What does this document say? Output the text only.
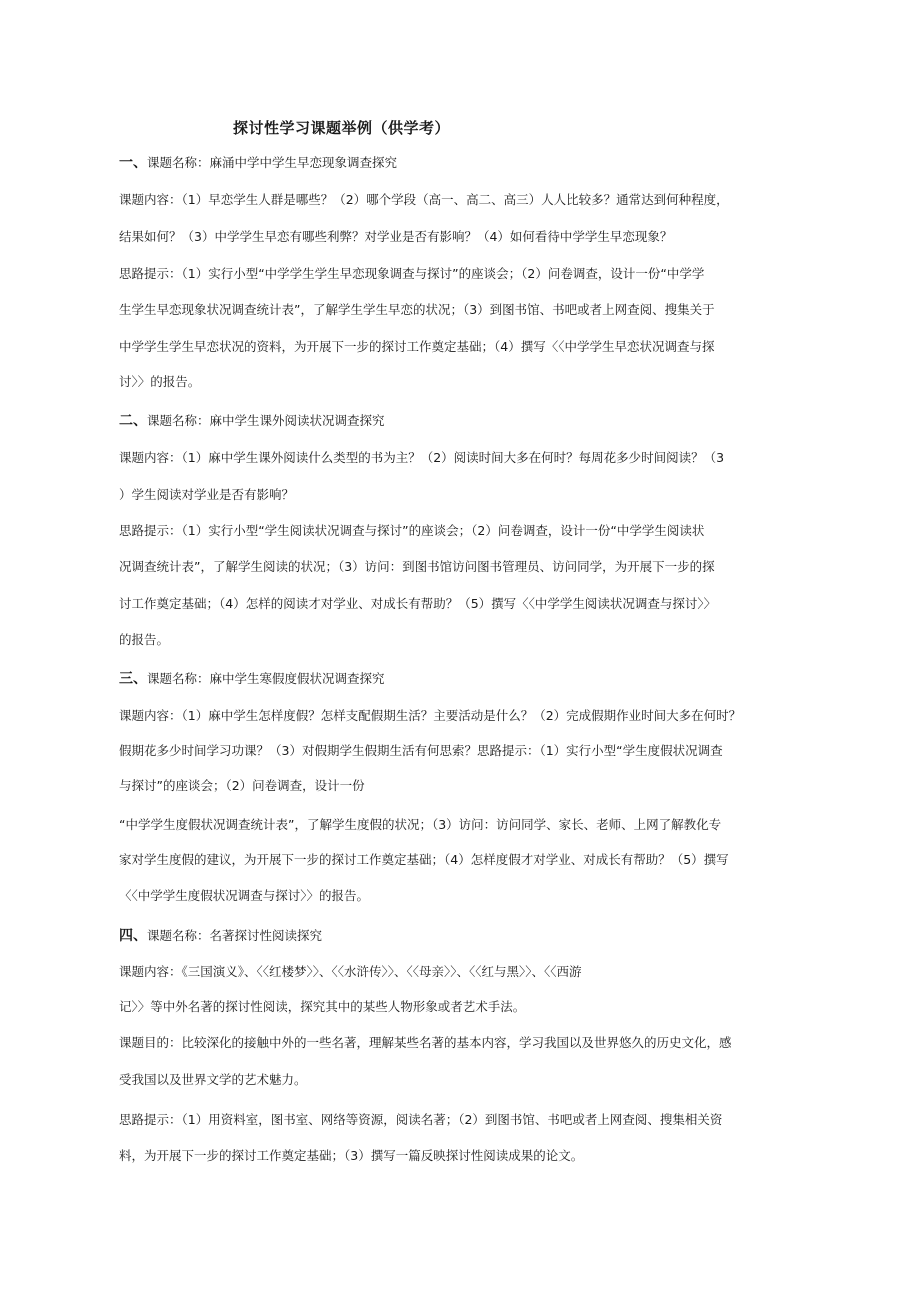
探讨性学习课题举例（供学考）
一、课题名称：麻涌中学中学生早恋现象调查探究
课题内容：（1）早恋学生人群是哪些？（2）哪个学段（高一、高二、高三）人人比较多？通常达到何种程度，
结果如何？（3）中学学生早恋有哪些利弊？对学业是否有影响？（4）如何看待中学学生早恋现象？
思路提示：（1）实行小型“中学学生学生早恋现象调查与探讨”的座谈会；（2）问卷调查，设计一份“中学学
生学生早恋现象状况调查统计表”，了解学生学生早恋的状况；（3）到图书馆、书吧或者上网查阅、搜集关于
中学学生学生早恋状况的资料，为开展下一步的探讨工作奠定基础；（4）撰写〈〈中学学生早恋状况调查与探
讨〉〉的报告。
二、课题名称：麻中学生课外阅读状况调查探究
课题内容：（1）麻中学生课外阅读什么类型的书为主？（2）阅读时间大多在何时？每周花多少时间阅读？（3
）学生阅读对学业是否有影响？
思路提示：（1）实行小型“学生阅读状况调查与探讨”的座谈会；（2）问卷调查，设计一份“中学学生阅读状
况调查统计表”，了解学生阅读的状况；（3）访问：到图书馆访问图书管理员、访问同学，为开展下一步的探
讨工作奠定基础；（4）怎样的阅读才对学业、对成长有帮助？（5）撰写〈〈中学学生阅读状况调查与探讨〉〉
的报告。
三、课题名称：麻中学生寒假度假状况调查探究
课题内容：（1）麻中学生怎样度假？怎样支配假期生活？主要活动是什么？（2）完成假期作业时间大多在何时？
假期花多少时间学习功课？（3）对假期学生假期生活有何思索？思路提示：（1）实行小型“学生度假状况调查
与探讨”的座谈会；（2）问卷调查，设计一份
“中学学生度假状况调查统计表”，了解学生度假的状况；（3）访问：访问同学、家长、老师、上网了解教化专
家对学生度假的建议，为开展下一步的探讨工作奠定基础；（4）怎样度假才对学业、对成长有帮助？（5）撰写
〈〈中学学生度假状况调查与探讨〉〉的报告。
四、课题名称：名著探讨性阅读探究
课题内容：《三国演义》、〈〈红楼梦〉〉、〈〈水浒传〉〉、〈〈母亲〉〉、〈〈红与黑〉〉、〈〈西游
记〉〉等中外名著的探讨性阅读，探究其中的某些人物形象或者艺术手法。
课题目的：比较深化的接触中外的一些名著，理解某些名著的基本内容，学习我国以及世界悠久的历史文化，感
受我国以及世界文学的艺术魅力。
思路提示：（1）用资料室，图书室、网络等资源，阅读名著；（2）到图书馆、书吧或者上网查阅、搜集相关资
料，为开展下一步的探讨工作奠定基础；（3）撰写一篇反映探讨性阅读成果的论文。
